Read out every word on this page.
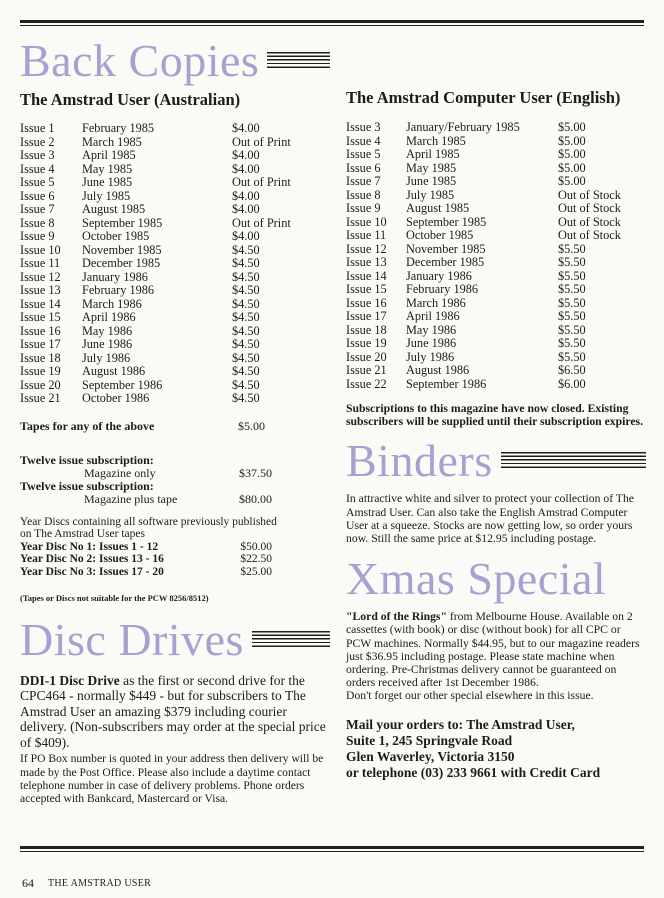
Back Copies
The Amstrad User (Australian)
Issue 1	February 1985	$4.00
Issue 2	March 1985	Out of Print
Issue 3	April 1985	$4.00
Issue 4	May 1985	$4.00
Issue 5	June 1985	Out of Print
Issue 6	July 1985	$4.00
Issue 7	August 1985	$4.00
Issue 8	September 1985	Out of Print
Issue 9	October 1985	$4.00
Issue 10	November 1985	$4.50
Issue 11	December 1985	$4.50
Issue 12	January 1986	$4.50
Issue 13	February 1986	$4.50
Issue 14	March 1986	$4.50
Issue 15	April 1986	$4.50
Issue 16	May 1986	$4.50
Issue 17	June 1986	$4.50
Issue 18	July 1986	$4.50
Issue 19	August 1986	$4.50
Issue 20	September 1986	$4.50
Issue 21	October 1986	$4.50
Tapes for any of the above	$5.00
Twelve issue subscription:
Magazine only	$37.50
Twelve issue subscription:
Magazine plus tape	$80.00
Year Discs containing all software previously published on The Amstrad User tapes
Year Disc No 1: Issues 1 - 12	$50.00
Year Disc No 2: Issues 13 - 16	$22.50
Year Disc No 3: Issues 17 - 20	$25.00
(Tapes or Discs not suitable for the PCW 8256/8512)
Disc Drives
DDI-1 Disc Drive as the first or second drive for the CPC464 - normally $449 - but for subscribers to The Amstrad User an amazing $379 including courier delivery. (Non-subscribers may order at the special price of $409).
If PO Box number is quoted in your address then delivery will be made by the Post Office. Please also include a daytime contact telephone number in case of delivery problems. Phone orders accepted with Bankcard, Mastercard or Visa.
The Amstrad Computer User (English)
Issue 3	January/February 1985	$5.00
Issue 4	March 1985	$5.00
Issue 5	April 1985	$5.00
Issue 6	May 1985	$5.00
Issue 7	June 1985	$5.00
Issue 8	July 1985	Out of Stock
Issue 9	August 1985	Out of Stock
Issue 10	September 1985	Out of Stock
Issue 11	October 1985	Out of Stock
Issue 12	November 1985	$5.50
Issue 13	December 1985	$5.50
Issue 14	January 1986	$5.50
Issue 15	February 1986	$5.50
Issue 16	March 1986	$5.50
Issue 17	April 1986	$5.50
Issue 18	May 1986	$5.50
Issue 19	June 1986	$5.50
Issue 20	July 1986	$5.50
Issue 21	August 1986	$6.50
Issue 22	September 1986	$6.00
Subscriptions to this magazine have now closed. Existing subscribers will be supplied until their subscription expires.
Binders
In attractive white and silver to protect your collection of The Amstrad User. Can also take the English Amstrad Computer User at a squeeze. Stocks are now getting low, so order yours now. Still the same price at $12.95 including postage.
Xmas Special
"Lord of the Rings" from Melbourne House. Available on 2 cassettes (with book) or disc (without book) for all CPC or PCW machines. Normally $44.95, but to our magazine readers just $36.95 including postage. Please state machine when ordering. Pre-Christmas delivery cannot be guaranteed on orders received after 1st December 1986.
Don't forget our other special elsewhere in this issue.
Mail your orders to: The Amstrad User,
Suite 1, 245 Springvale Road
Glen Waverley, Victoria 3150
or telephone (03) 233 9661 with Credit Card
64 THE AMSTRAD USER
